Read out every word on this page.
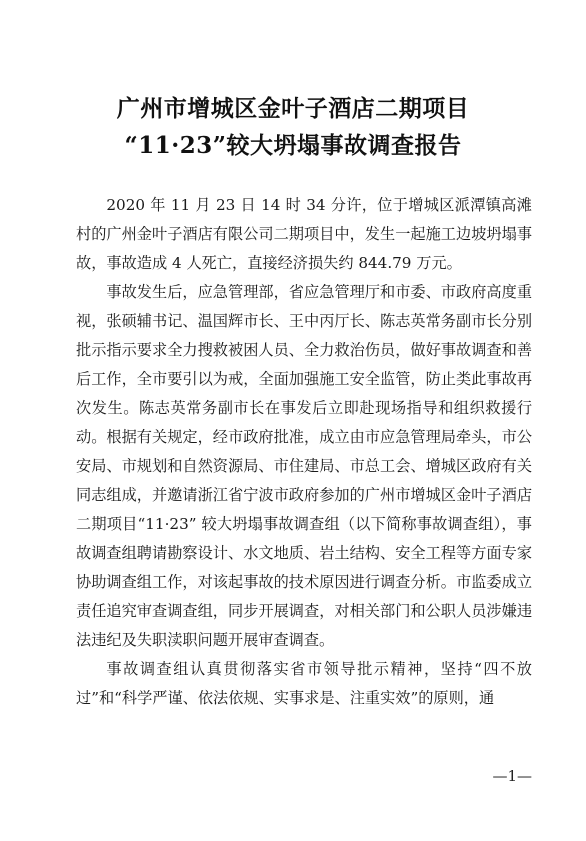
广州市增城区金叶子酒店二期项目
“11·23”较大坍塌事故调查报告

2020 年 11 月 23 日 14 时 34 分许，位于增城区派潭镇高滩村的广州金叶子酒店有限公司二期项目中，发生一起施工边坡坍塌事故，事故造成 4 人死亡，直接经济损失约 844.79 万元。

事故发生后，应急管理部，省应急管理厅和市委、市政府高度重视，张硕辅书记、温国辉市长、王中丙厅长、陈志英常务副市长分别批示指示要求全力搜救被困人员、全力救治伤员，做好事故调查和善后工作，全市要引以为戒，全面加强施工安全监管，防止类此事故再次发生。陈志英常务副市长在事发后立即赴现场指导和组织救援行动。根据有关规定，经市政府批准，成立由市应急管理局牵头，市公安局、市规划和自然资源局、市住建局、市总工会、增城区政府有关同志组成，并邀请浙江省宁波市政府参加的广州市增城区金叶子酒店二期项目“11·23” 较大坍塌事故调查组（以下简称事故调查组），事故调查组聘请勘察设计、水文地质、岩土结构、安全工程等方面专家协助调查组工作，对该起事故的技术原因进行调查分析。市监委成立责任追究审查调查组，同步开展调查，对相关部门和公职人员涉嫌违法违纪及失职渎职问题开展审查调查。

事故调查组认真贯彻落实省市领导批示精神，坚持“四不放过”和“科学严谨、依法依规、实事求是、注重实效”的原则，通

—1—
